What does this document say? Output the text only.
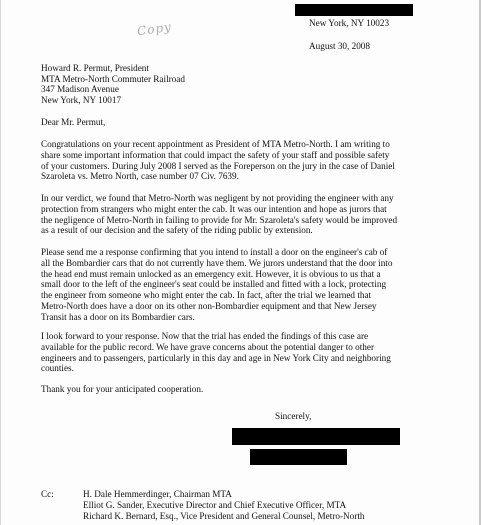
Copy	New York, NY 10023
August 30, 2008
Howard R. Permut, President
MTA Metro-North Commuter Railroad
347 Madison Avenue
New York, NY 10017
Dear Mr. Permut,
Congratulations on your recent appointment as President of MTA Metro-North. I am writing to
share some important information that could impact the safety of your staff and possible safety
of your customers. During July 2008 I served as the Foreperson on the jury in the case of Daniel
Szaroleta vs. Metro North, case number 07 Civ. 7639.
In our verdict, we found that Metro-North was negligent by not providing the engineer with any
protection from strangers who might enter the cab. It was our intention and hope as jurors that
the negligence of Metro-North in failing to provide for Mr. Szaroleta's safety would be improved
as a result of our decision and the safety of the riding public by extension.
Please send me a response confirming that you intend to install a door on the engineer's cab of
all the Bombardier cars that do not currently have them. We jurors understand that the door into
the head end must remain unlocked as an emergency exit. However, it is obvious to us that a
small door to the left of the engineer's seat could be installed and fitted with a lock, protecting
the engineer from someone who might enter the cab. In fact, after the trial we learned that
Metro-North does have a door on its other non-Bombardier equipment and that New Jersey
Transit has a door on its Bombardier cars.
I look forward to your response. Now that the trial has ended the findings of this case are
available for the public record. We have grave concerns about the potential danger to other
engineers and to passengers, particularly in this day and age in New York City and neighboring
counties.
Thank you for your anticipated cooperation.
Sincerely,
Cc:	H. Dale Hemmerdinger, Chairman MTA
Elliot G. Sander, Executive Director and Chief Executive Officer, MTA
Richard K. Bernard, Esq., Vice President and General Counsel, Metro-North
